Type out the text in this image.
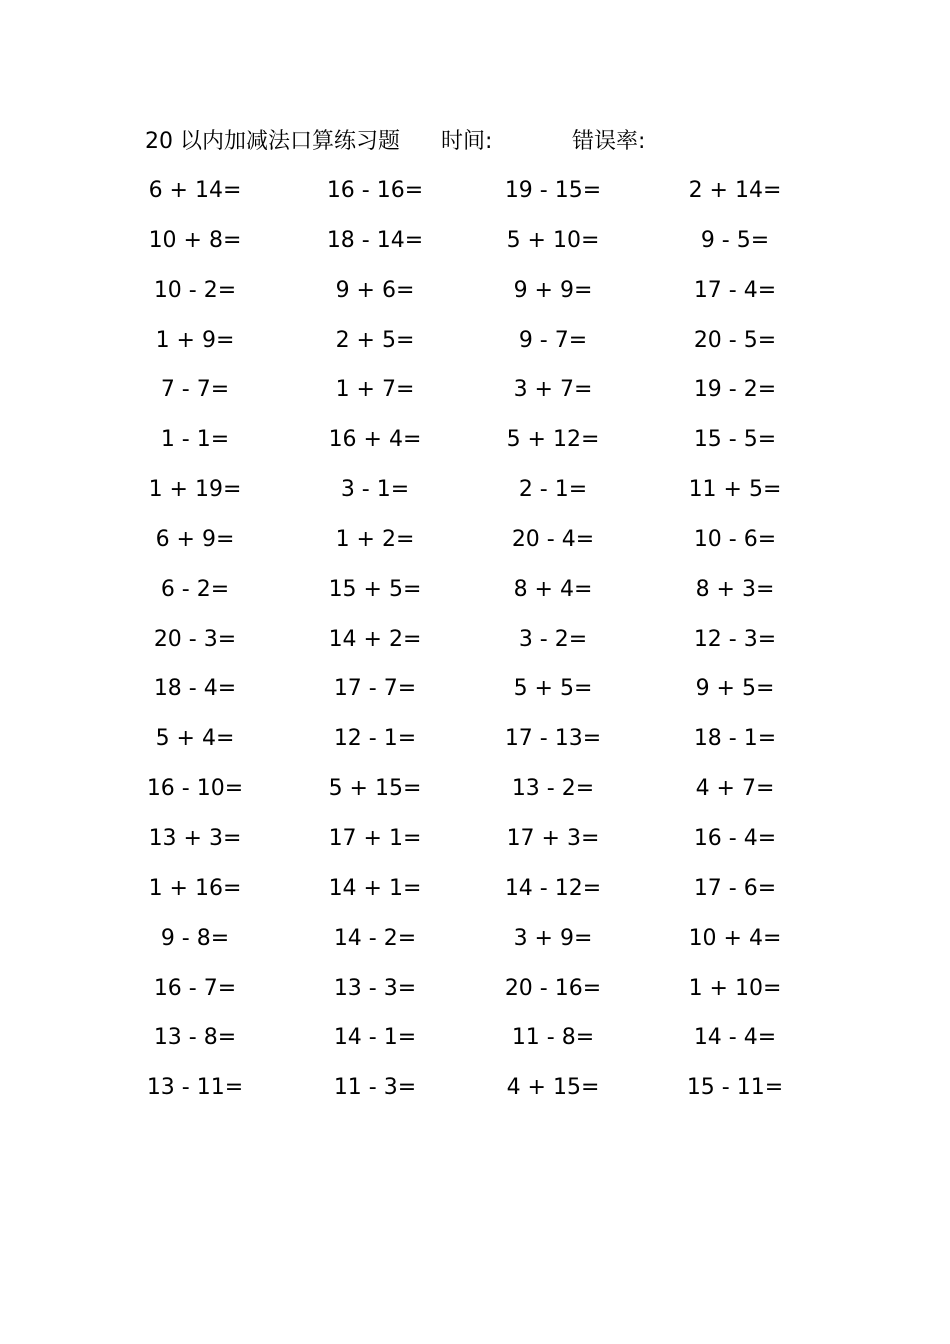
20 以内加减法口算练习题 时间:	错误率:
6 + 14=	16 - 16=	19 - 15=	2 + 14=
10 + 8=	18 - 14=	5 + 10=	9 - 5=
10 - 2=	9 + 6=	9 + 9=	17 - 4=
1 + 9=	2 + 5=	9 - 7=	20 - 5=
7 - 7=	1 + 7=	3 + 7=	19 - 2=
1 - 1=	16 + 4=	5 + 12=	15 - 5=
1 + 19=	3 - 1=	2 - 1=	11 + 5=
6 + 9=	1 + 2=	20 - 4=	10 - 6=
6 - 2=	15 + 5=	8 + 4=	8 + 3=
20 - 3=	14 + 2=	3 - 2=	12 - 3=
18 - 4=	17 - 7=	5 + 5=	9 + 5=
5 + 4=	12 - 1=	17 - 13=	18 - 1=
16 - 10=	5 + 15=	13 - 2=	4 + 7=
13 + 3=	17 + 1=	17 + 3=	16 - 4=
1 + 16=	14 + 1=	14 - 12=	17 - 6=
9 - 8=	14 - 2=	3 + 9=	10 + 4=
16 - 7=	13 - 3=	20 - 16=	1 + 10=
13 - 8=	14 - 1=	11 - 8=	14 - 4=
13 - 11=	11 - 3=	4 + 15=	15 - 11=
